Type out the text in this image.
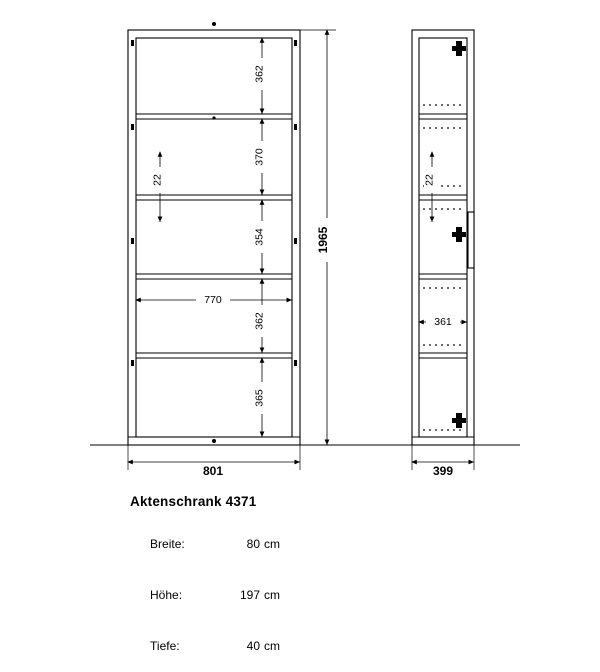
362
370
354
362
365
22	22
770
361
1965
801	399

Aktenschrank 4371

Breite:	80 cm

Höhe:	197 cm

Tiefe:	40 cm
